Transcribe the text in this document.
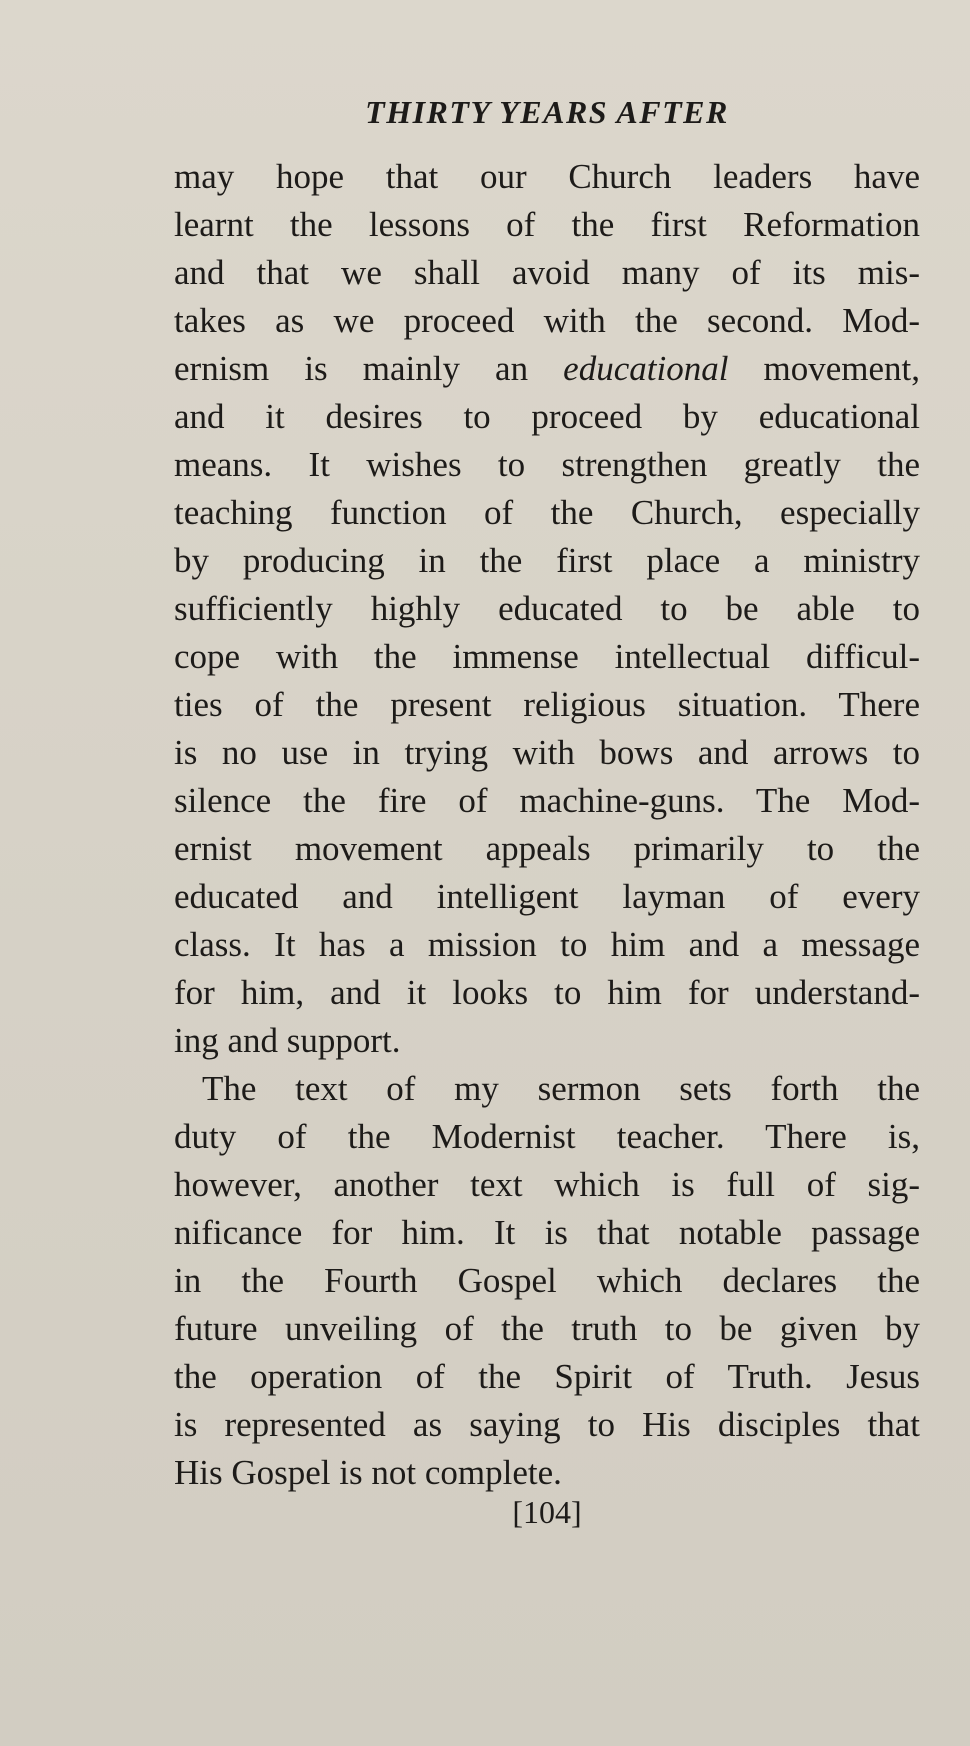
THIRTY YEARS AFTER

may hope that our Church leaders have
learnt the lessons of the first Reformation
and that we shall avoid many of its mis-
takes as we proceed with the second. Mod-
ernism is mainly an educational movement,
and it desires to proceed by educational
means. It wishes to strengthen greatly the
teaching function of the Church, especially
by producing in the first place a ministry
sufficiently highly educated to be able to
cope with the immense intellectual difficul-
ties of the present religious situation. There
is no use in trying with bows and arrows to
silence the fire of machine-guns. The Mod-
ernist movement appeals primarily to the
educated and intelligent layman of every
class. It has a mission to him and a message
for him, and it looks to him for understand-
ing and support.

The text of my sermon sets forth the
duty of the Modernist teacher. There is,
however, another text which is full of sig-
nificance for him. It is that notable passage
in the Fourth Gospel which declares the
future unveiling of the truth to be given by
the operation of the Spirit of Truth. Jesus
is represented as saying to His disciples that
His Gospel is not complete.

[104]
